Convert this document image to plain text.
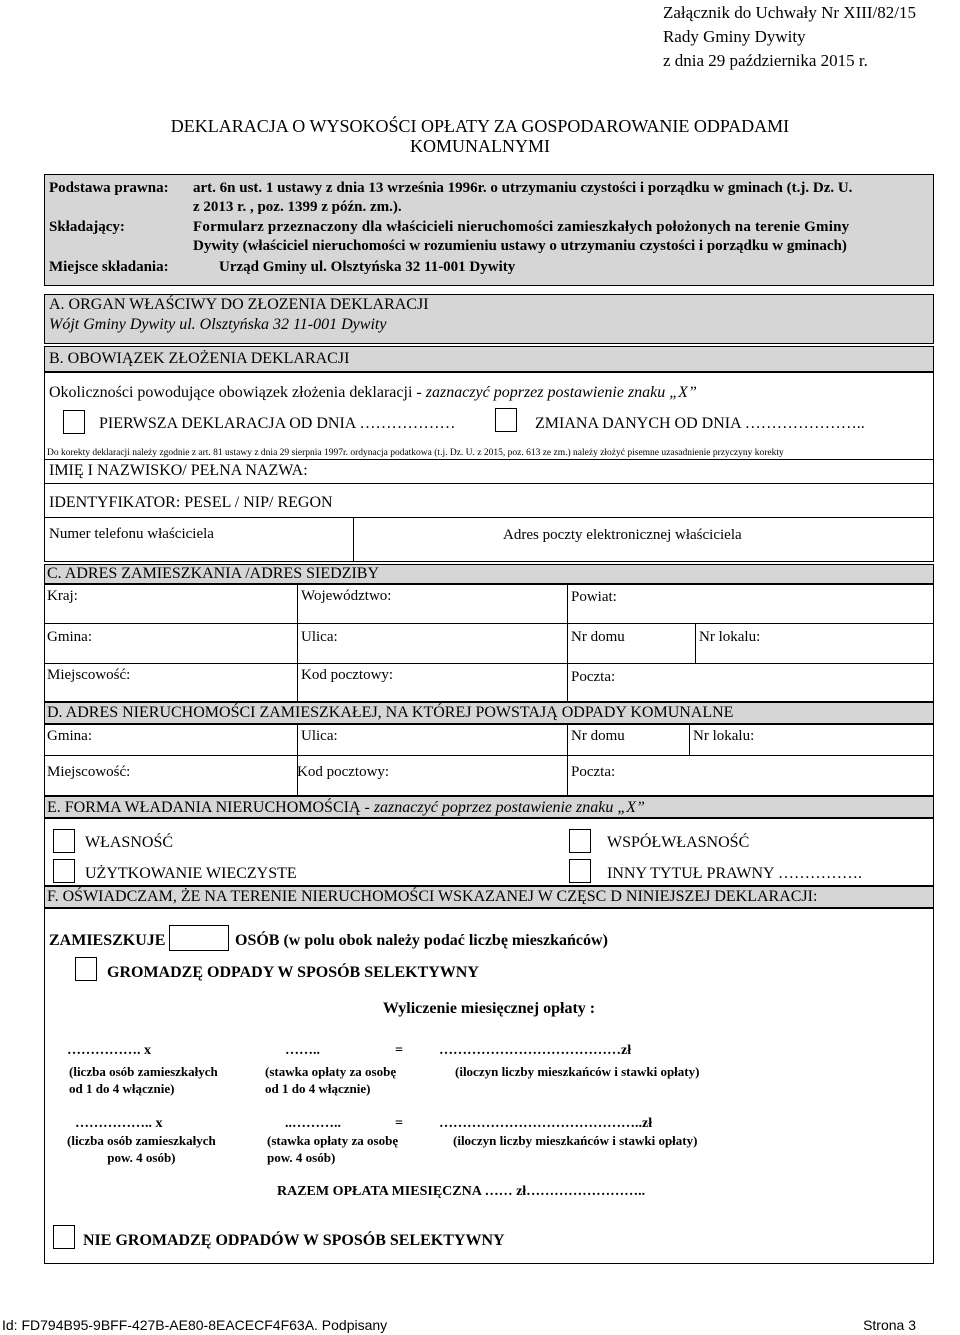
Załącznik do Uchwały Nr XIII/82/15
Rady Gminy Dywity
z dnia 29 października 2015 r.
DEKLARACJA O WYSOKOŚCI OPŁATY ZA GOSPODAROWANIE ODPADAMI
KOMUNALNYMI
Podstawa prawna: art. 6n ust. 1 ustawy z dnia 13 września 1996r. o utrzymaniu czystości i porządku w gminach (t.j. Dz. U.
z 2013 r. , poz. 1399 z późn. zm.).
Składający:	Formularz przeznaczony dla właścicieli nieruchomości zamieszkałych położonych na terenie Gminy
Dywity (właściciel nieruchomości w rozumieniu ustawy o utrzymaniu czystości i porządku w gminach)
Miejsce składania:	Urząd Gminy ul. Olsztyńska 32 11-001 Dywity
A. ORGAN WŁAŚCIWY DO ZŁOZENIA DEKLARACJI
Wójt Gminy Dywity ul. Olsztyńska 32 11-001 Dywity
B. OBOWIĄZEK ZŁOŻENIA DEKLARACJI
Okoliczności powodujące obowiązek złożenia deklaracji - zaznaczyć poprzez postawienie znaku „X”
PIERWSZA DEKLARACJA OD DNIA ………………	ZMIANA DANYCH OD DNIA …………………..
Do korekty deklaracji należy zgodnie z art. 81 ustawy z dnia 29 sierpnia 1997r. ordynacja podatkowa (t.j. Dz. U. z 2015, poz. 613 ze zm.) należy złożyć pisemne uzasadnienie przyczyny korekty
IMIĘ I NAZWISKO/ PEŁNA NAZWA:
IDENTYFIKATOR: PESEL / NIP/ REGON
Numer telefonu właściciela	Adres poczty elektronicznej właściciela
C. ADRES ZAMIESZKANIA /ADRES SIEDZIBY
Kraj:	Województwo:	Powiat:
Gmina:	Ulica:	Nr domu	Nr lokalu:
Miejscowość:	Kod pocztowy:	Poczta:
D. ADRES NIERUCHOMOŚCI ZAMIESZKAŁEJ, NA KTÓREJ POWSTAJĄ ODPADY KOMUNALNE
Gmina:	Ulica:	Nr domu	Nr lokalu:
Miejscowość:	Kod pocztowy:	Poczta:
E. FORMA WŁADANIA NIERUCHOMOŚCIĄ - zaznaczyć poprzez postawienie znaku „X”
WŁASNOŚĆ	WSPÓŁWŁASNOŚĆ
UŻYTKOWANIE WIECZYSTE	INNY TYTUŁ PRAWNY …………….
F. OŚWIADCZAM, ŻE NA TERENIE NIERUCHOMOŚCI WSKAZANEJ W CZĘSC D NINIEJSZEJ DEKLARACJI:
ZAMIESZKUJE	OSÓB (w polu obok należy podać liczbę mieszkańców)
GROMADZĘ ODPADY W SPOSÓB SELEKTYWNY
Wyliczenie miesięcznej opłaty :
……………. x	……..	=	…………………………………zł
(liczba osób zamieszkałych
od 1 do 4 włącznie)
(stawka opłaty za osobę
od 1 do 4 włącznie)
(iloczyn liczby mieszkańców i stawki opłaty)
…………….. x	..………..	=	……………………………………..zł
(liczba osób zamieszkałych
pow. 4 osób)
(stawka opłaty za osobę
pow. 4 osób)
(iloczyn liczby mieszkańców i stawki opłaty)
RAZEM OPŁATA MIESIĘCZNA …… zł……………………..
NIE GROMADZĘ ODPADÓW W SPOSÓB SELEKTYWNY
Id: FD794B95-9BFF-427B-AE80-8EACECF4F63A. Podpisany	Strona 3
